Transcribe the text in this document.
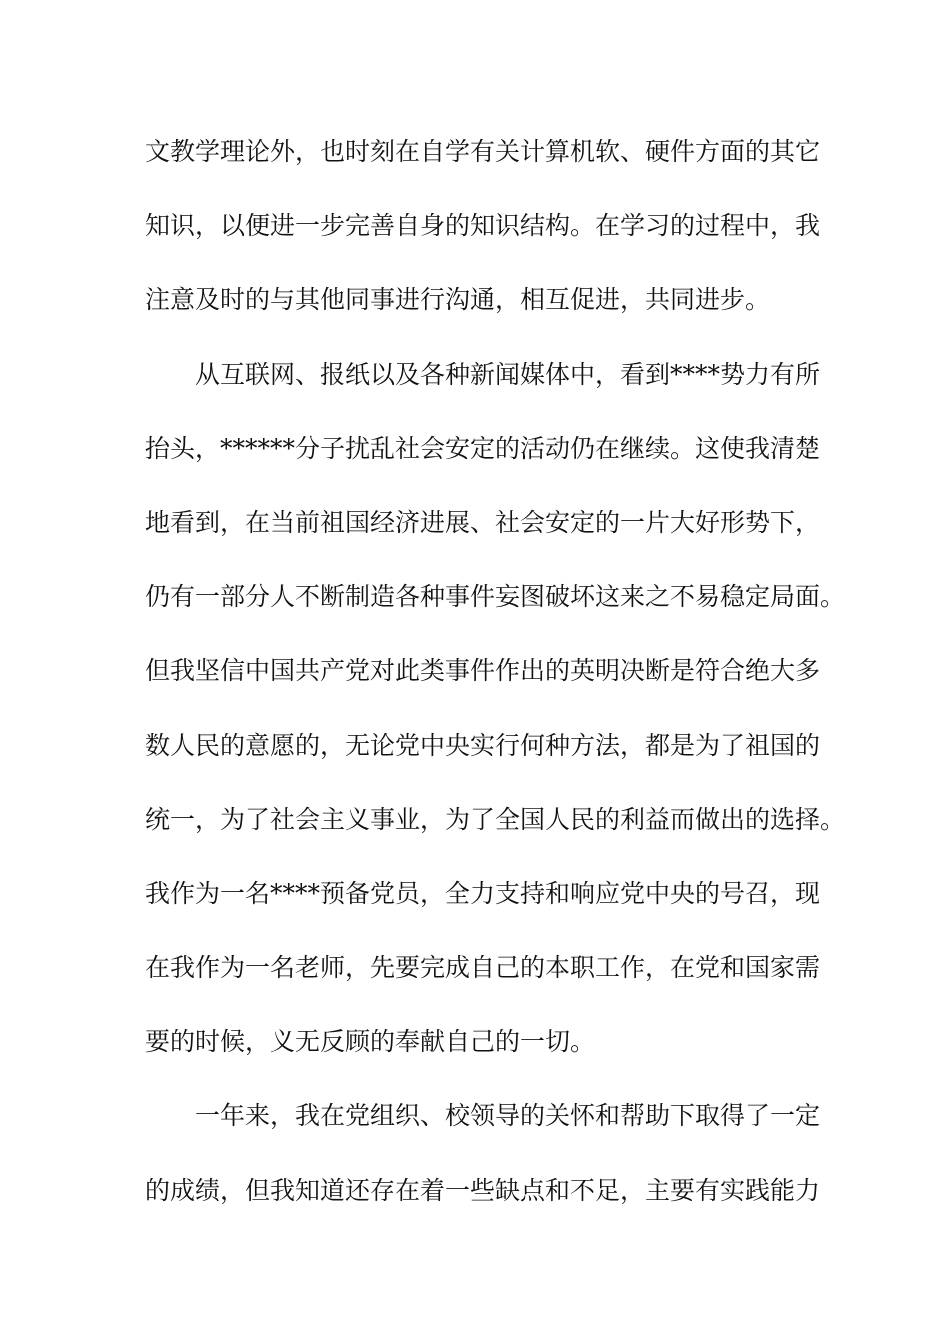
文教学理论外，也时刻在自学有关计算机软、硬件方面的其它
知识，以便进一步完善自身的知识结构。在学习的过程中，我
注意及时的与其他同事进行沟通，相互促进，共同进步。
　　从互联网、报纸以及各种新闻媒体中，看到****势力有所
抬头，******分子扰乱社会安定的活动仍在继续。这使我清楚
地看到，在当前祖国经济进展、社会安定的一片大好形势下，
仍有一部分人不断制造各种事件妄图破坏这来之不易稳定局面。
但我坚信中国共产党对此类事件作出的英明决断是符合绝大多
数人民的意愿的，无论党中央实行何种方法，都是为了祖国的
统一，为了社会主义事业，为了全国人民的利益而做出的选择。
我作为一名****预备党员，全力支持和响应党中央的号召，现
在我作为一名老师，先要完成自己的本职工作，在党和国家需
要的时候，义无反顾的奉献自己的一切。
　　一年来，我在党组织、校领导的关怀和帮助下取得了一定
的成绩，但我知道还存在着一些缺点和不足，主要有实践能力
